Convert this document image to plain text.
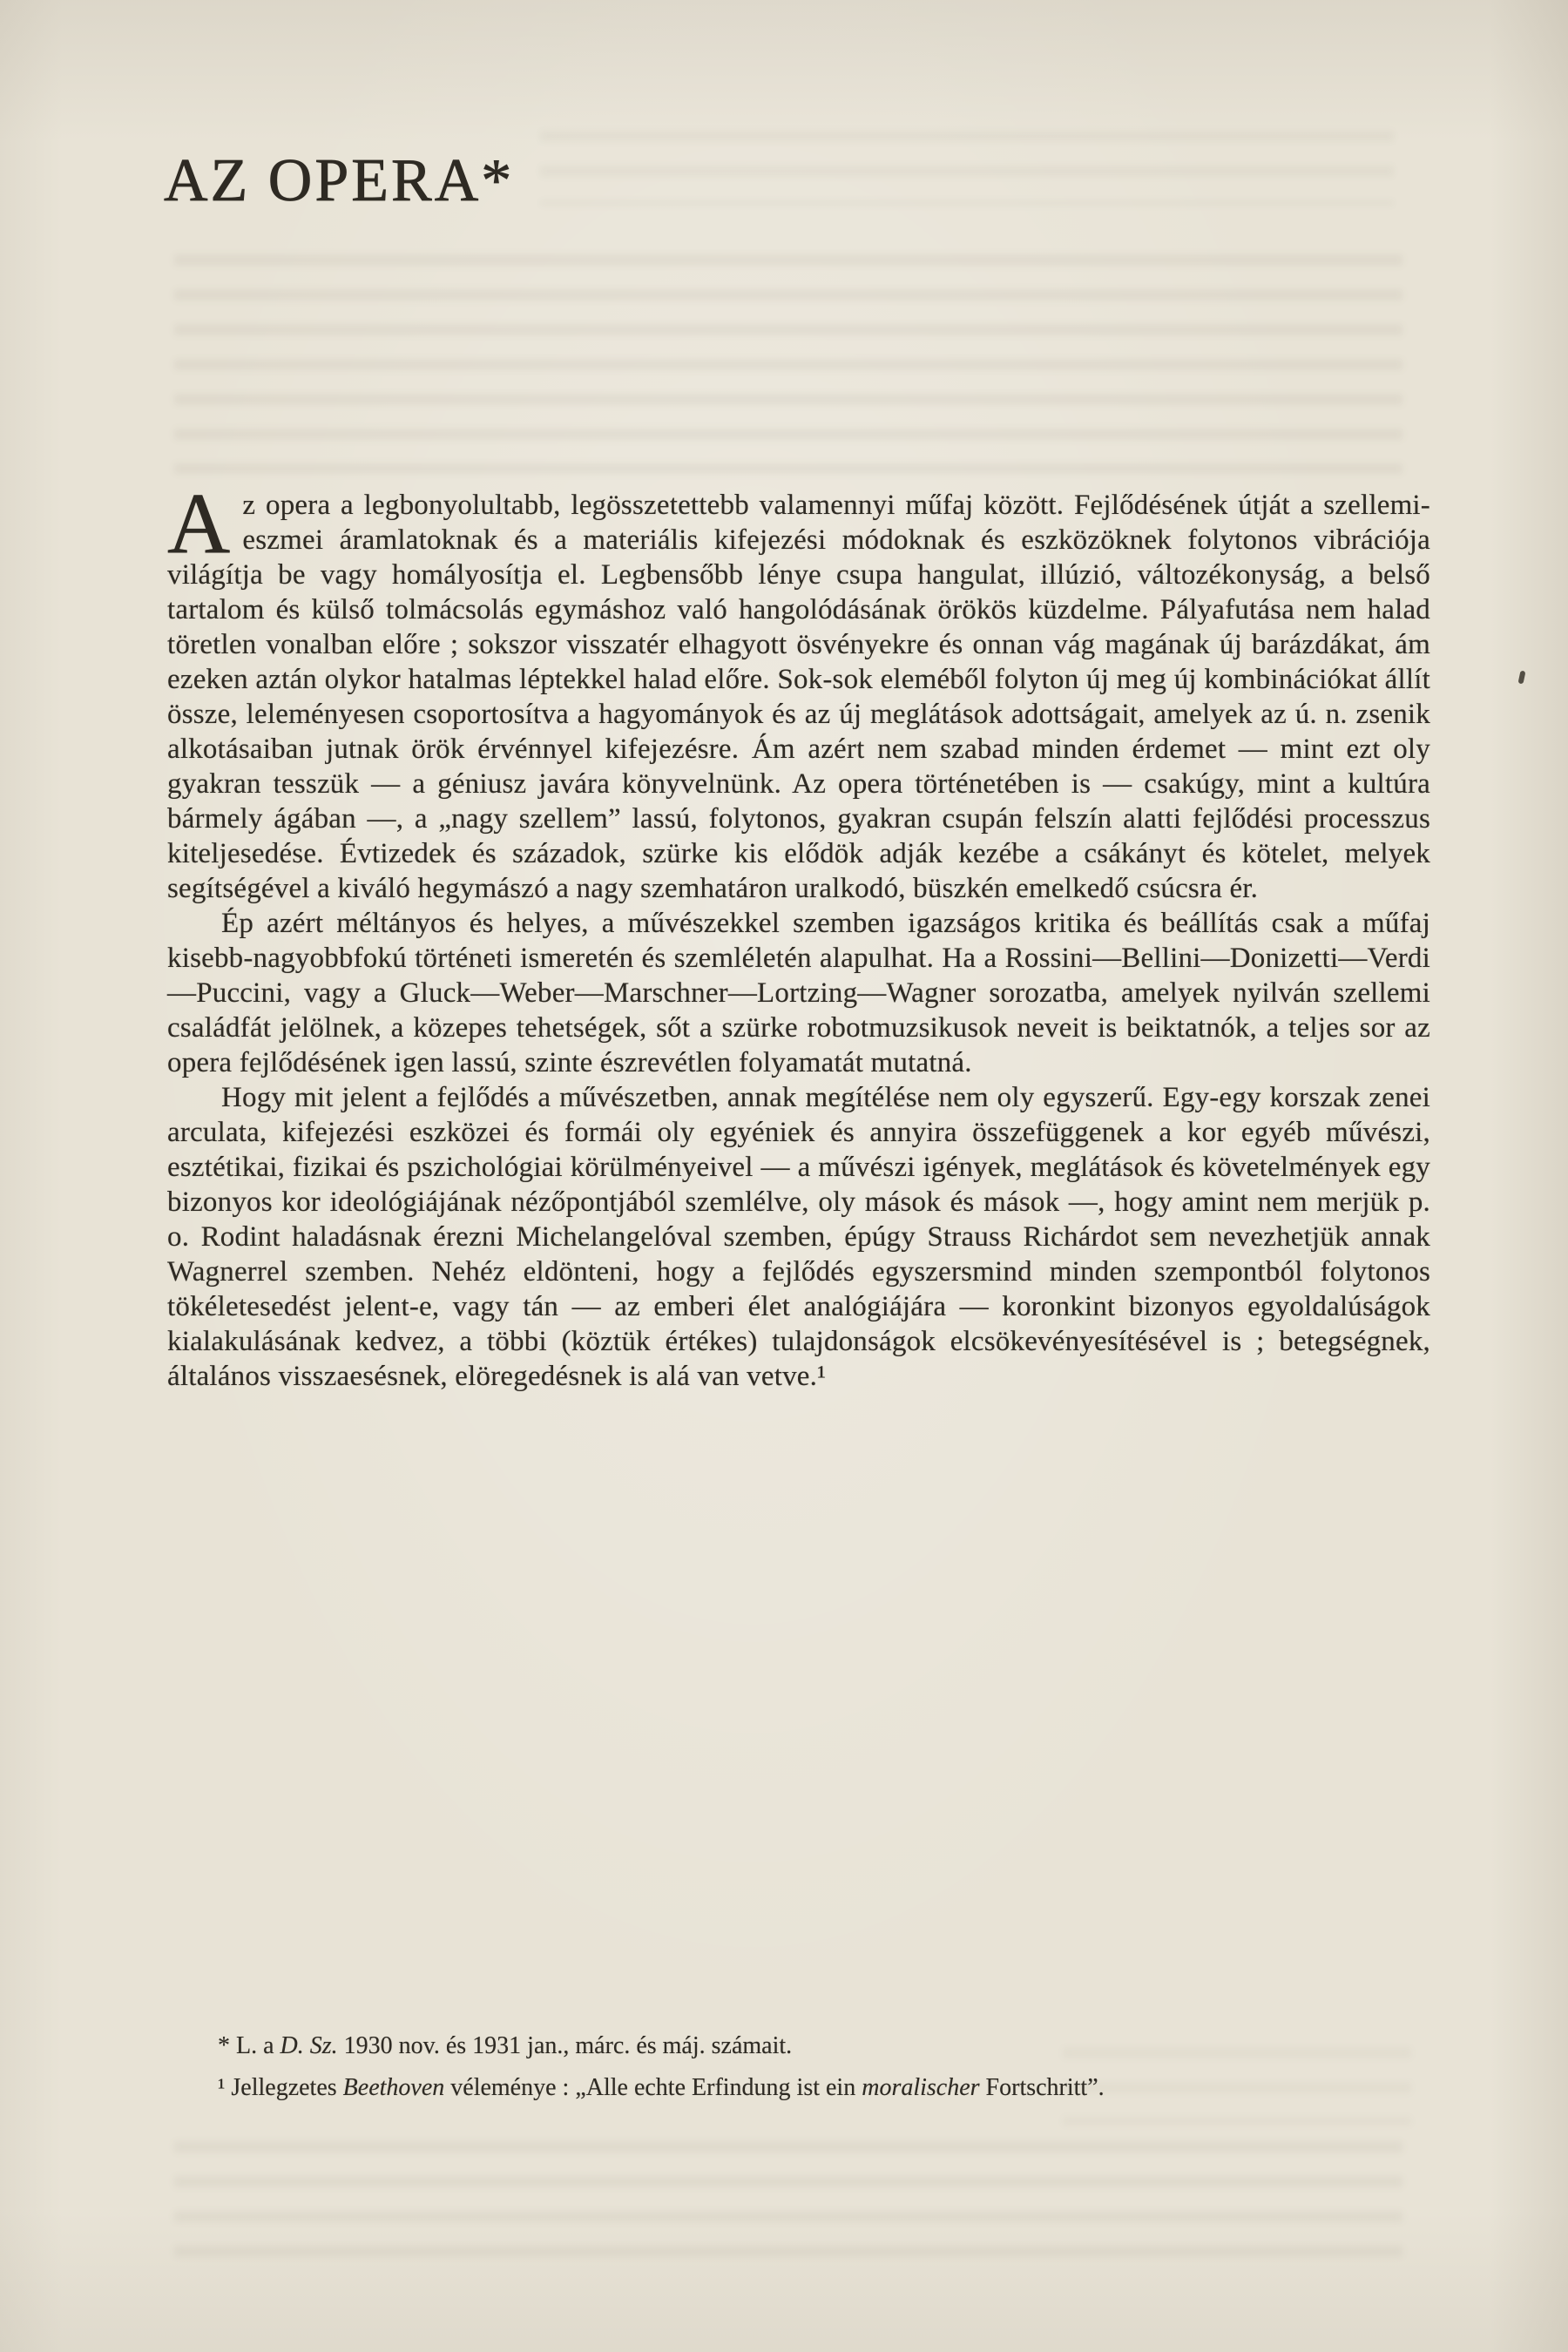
AZ OPERA*

Az opera a legbonyolultabb, legösszetettebb valamennyi műfaj között. Fejlődésének útját a szellemi-eszmei áramlatoknak és a materiális kifejezési módoknak és eszközöknek folytonos vibrációja világítja be vagy homályosítja el. Legbensőbb lénye csupa hangulat, illúzió, változékonyság, a belső tartalom és külső tolmácsolás egymáshoz való hangolódásának örökös küzdelme. Pályafutása nem halad töretlen vonalban előre ; sokszor visszatér elhagyott ösvényekre és onnan vág magának új barázdákat, ám ezeken aztán olykor hatalmas léptekkel halad előre. Sok-sok eleméből folyton új meg új kombinációkat állít össze, leleményesen csoportosítva a hagyományok és az új meglátások adottságait, amelyek az ú. n. zsenik alkotásaiban jutnak örök érvénnyel kifejezésre. Ám azért nem szabad minden érdemet — mint ezt oly gyakran tesszük — a géniusz javára könyvelnünk. Az opera történetében is — csakúgy, mint a kultúra bármely ágában —, a „nagy szellem” lassú, folytonos, gyakran csupán felszín alatti fejlődési processzus kiteljesedése. Évtizedek és századok, szürke kis elődök adják kezébe a csákányt és kötelet, melyek segítségével a kiváló hegymászó a nagy szemhatáron uralkodó, büszkén emelkedő csúcsra ér.

Ép azért méltányos és helyes, a művészekkel szemben igazságos kritika és beállítás csak a műfaj kisebb-nagyobbfokú történeti ismeretén és szemléletén alapulhat. Ha a Rossini—Bellini—Donizetti—Verdi—Puccini, vagy a Gluck—Weber—Marschner—Lortzing—Wagner sorozatba, amelyek nyilván szellemi családfát jelölnek, a közepes tehetségek, sőt a szürke robotmuzsikusok neveit is beiktatnók, a teljes sor az opera fejlődésének igen lassú, szinte észrevétlen folyamatát mutatná.

Hogy mit jelent a fejlődés a művészetben, annak megítélése nem oly egyszerű. Egy-egy korszak zenei arculata, kifejezési eszközei és formái oly egyéniek és annyira összefüggenek a kor egyéb művészi, esztétikai, fizikai és pszichológiai körülményeivel — a művészi igények, meglátások és követelmények egy bizonyos kor ideológiájának nézőpontjából szemlélve, oly mások és mások —, hogy amint nem merjük p. o. Rodint haladásnak érezni Michelangelóval szemben, épúgy Strauss Richárdot sem nevezhetjük annak Wagnerrel szemben. Nehéz eldönteni, hogy a fejlődés egyszersmind minden szempontból folytonos tökéletesedést jelent-e, vagy tán — az emberi élet analógiájára — koronkint bizonyos egyoldalúságok kialakulásának kedvez, a többi (köztük értékes) tulajdonságok elcsökevényesítésével is ; betegségnek, általános visszaesésnek, elöregedésnek is alá van vetve.¹

* L. a D. Sz. 1930 nov. és 1931 jan., márc. és máj. számait.

¹ Jellegzetes Beethoven véleménye : „Alle echte Erfindung ist ein moralischer Fortschritt”.
